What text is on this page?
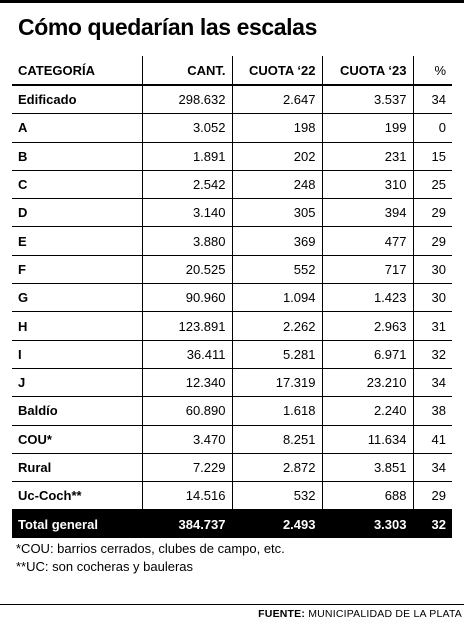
Cómo quedarían las escalas
CATEGORÍA	CANT.	CUOTA ‘22	CUOTA ‘23	%
Edificado	298.632	2.647	3.537	34
A	3.052	198	199	0
B	1.891	202	231	15
C	2.542	248	310	25
D	3.140	305	394	29
E	3.880	369	477	29
F	20.525	552	717	30
G	90.960	1.094	1.423	30
H	123.891	2.262	2.963	31
I	36.411	5.281	6.971	32
J	12.340	17.319	23.210	34
Baldío	60.890	1.618	2.240	38
COU*	3.470	8.251	11.634	41
Rural	7.229	2.872	3.851	34
Uc-Coch**	14.516	532	688	29
Total general	384.737	2.493	3.303	32
*COU: barrios cerrados, clubes de campo, etc.
**UC: son cocheras y bauleras
FUENTE: MUNICIPALIDAD DE LA PLATA
